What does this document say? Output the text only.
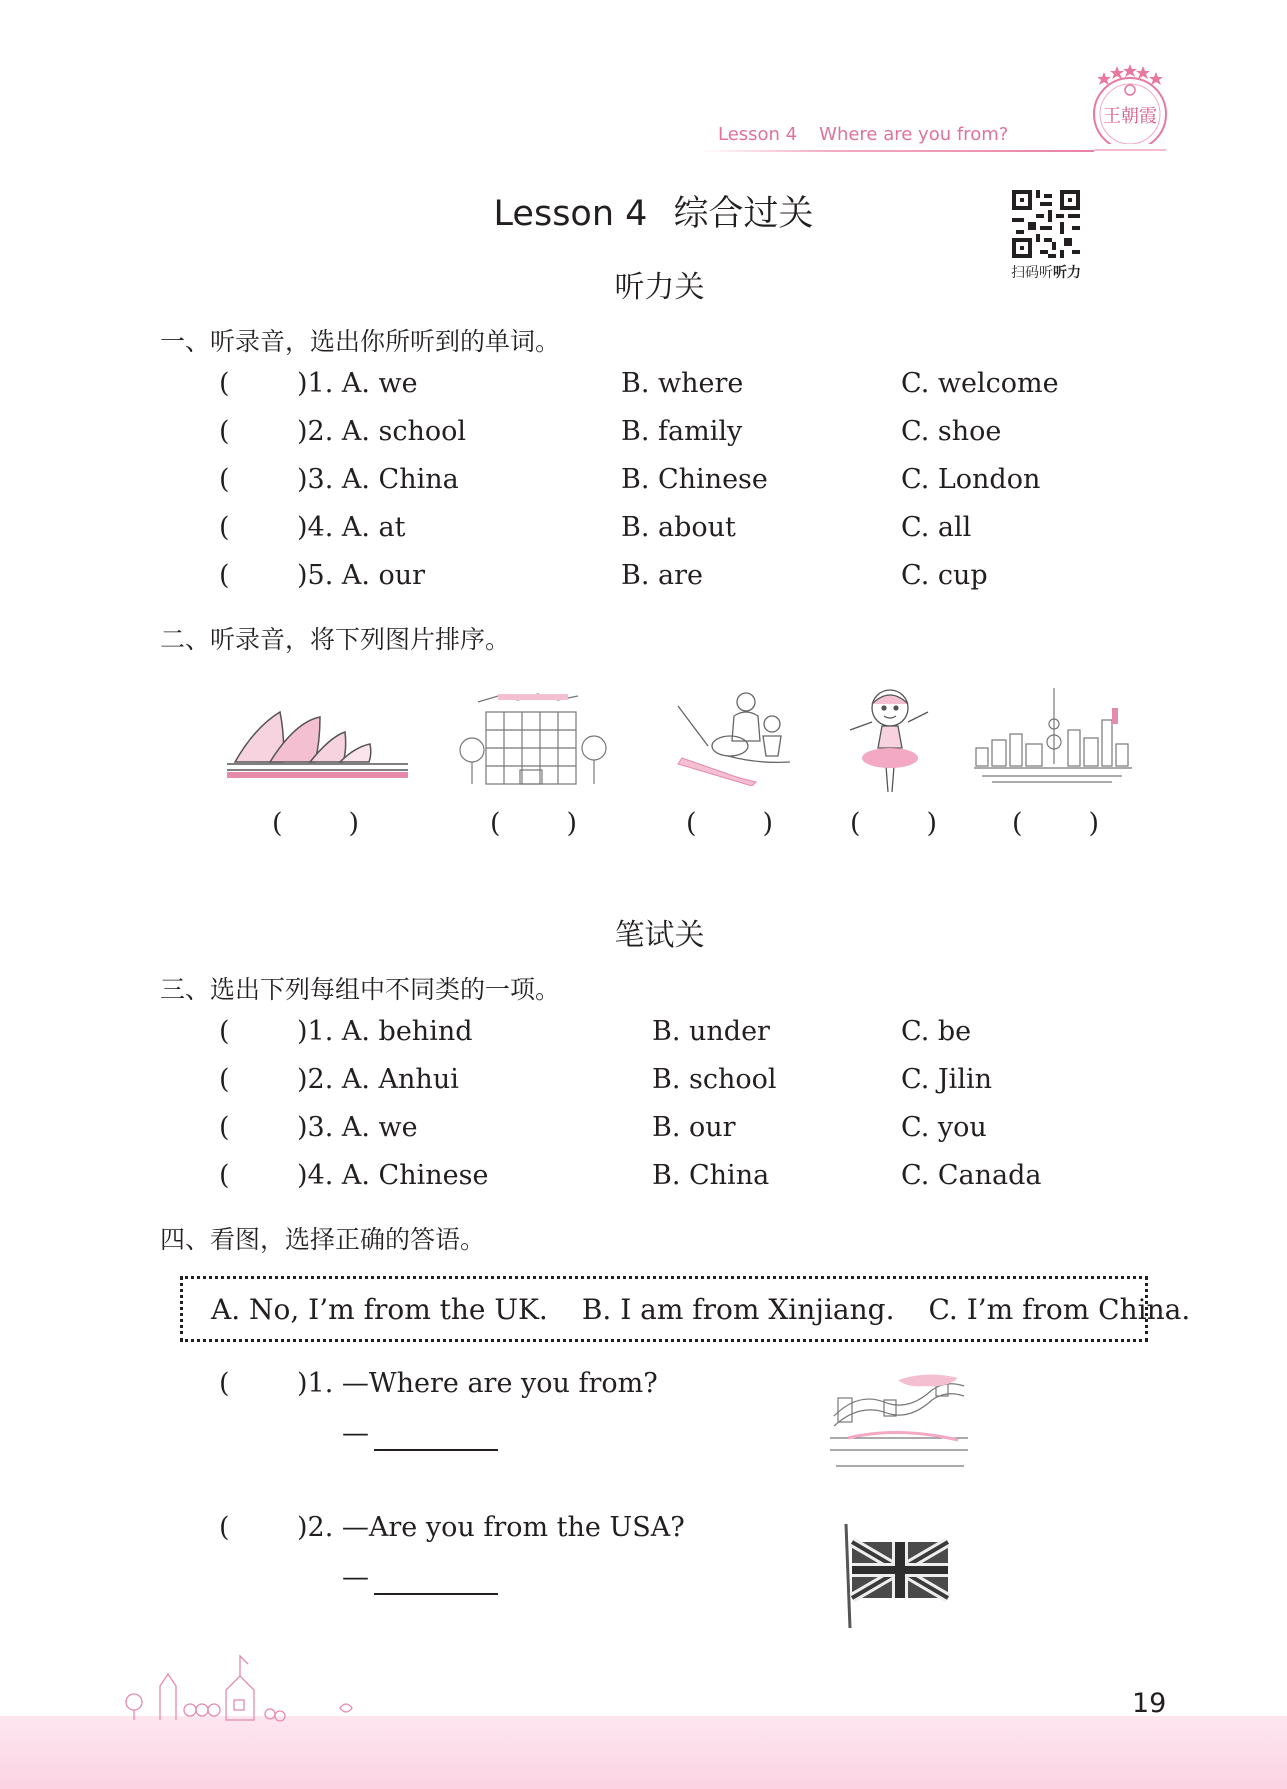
Lesson 4 Where are you from?
王朝霞
Lesson 4 综合过关
扫码听听力
听力关
一、听录音，选出你所听到的单词。
( )1. A. we	B. where	C. welcome
( )2. A. school	B. family	C. shoe
( )3. A. China	B. Chinese	C. London
( )4. A. at	B. about	C. all
( )5. A. our	B. are	C. cup
二、听录音，将下列图片排序。
( )	( )	( )	( )	( )
笔试关
三、选出下列每组中不同类的一项。
( )1. A. behind	B. under	C. be
( )2. A. Anhui	B. school	C. Jilin
( )3. A. we	B. our	C. you
( )4. A. Chinese	B. China	C. Canada
四、看图，选择正确的答语。
A. No, I’m from the UK. B. I am from Xinjiang. C. I’m from China.
( )1. —Where are you from?
—
( )2. —Are you from the USA?
—
19
